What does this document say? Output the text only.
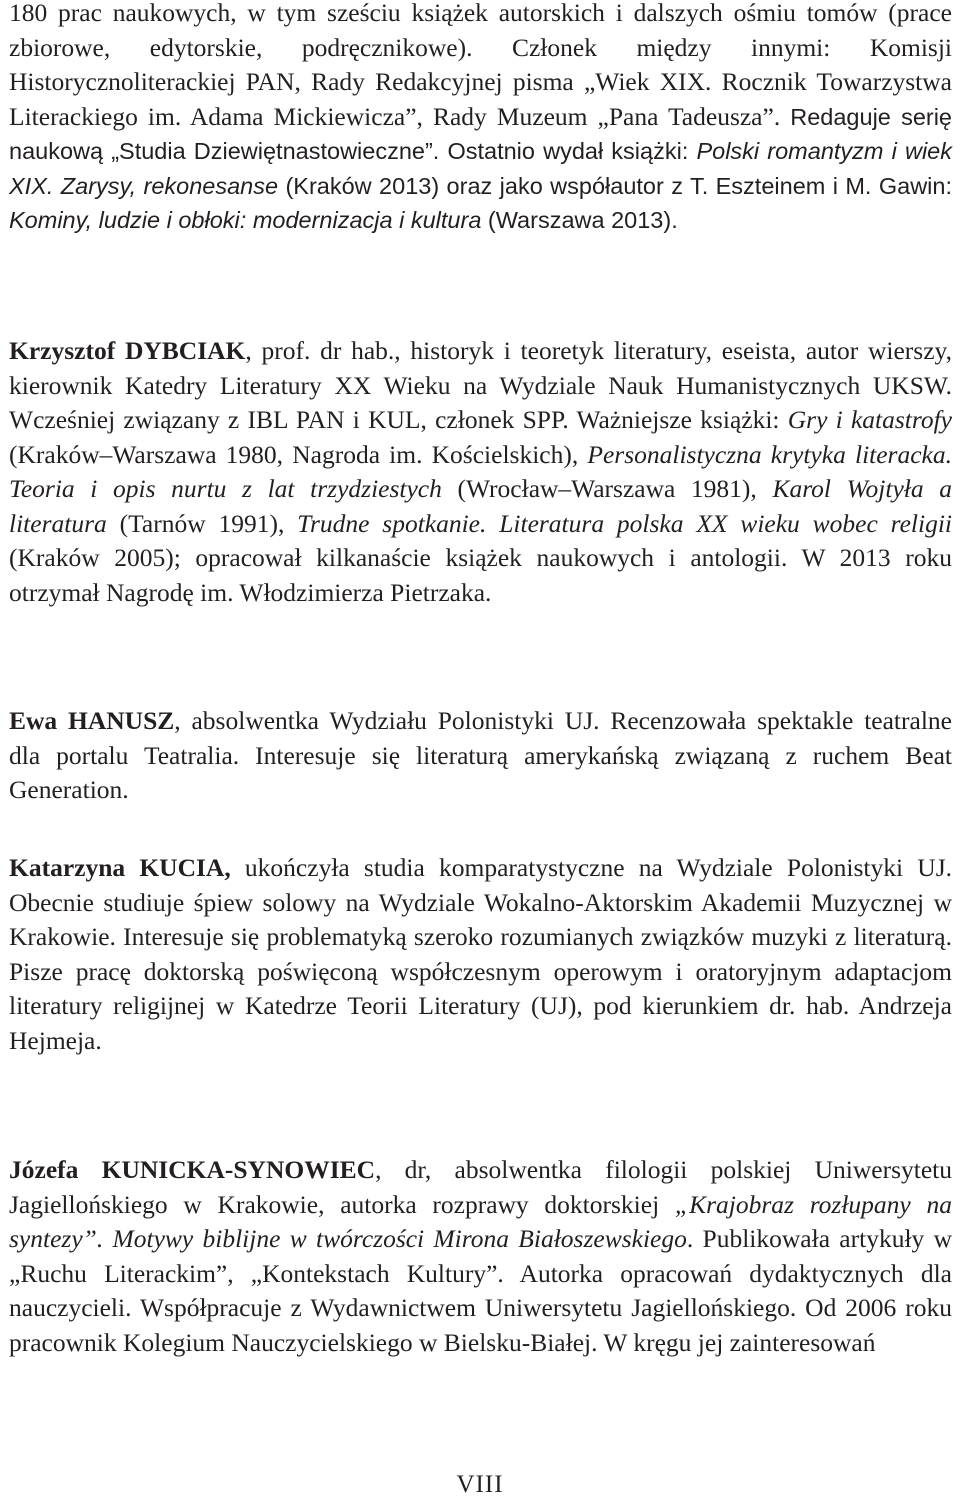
180 prac naukowych, w tym sześciu książek autorskich i dalszych ośmiu tomów (prace zbiorowe, edytorskie, podręcznikowe). Członek między innymi: Komisji Historycznoliterackiej PAN, Rady Redakcyjnej pisma „Wiek XIX. Rocznik Towarzystwa Literackiego im. Adama Mickiewicza”, Rady Muzeum „Pana Tadeusza”. Redaguje serię naukową „Studia Dziewiętnastowieczne”. Ostatnio wydał książki: Polski romantyzm i wiek XIX. Zarysy, rekonesanse (Kraków 2013) oraz jako współautor z T. Eszteinem i M. Gawin: Kominy, ludzie i obłoki: modernizacja i kultura (Warszawa 2013).

Krzysztof DYBCIAK, prof. dr hab., historyk i teoretyk literatury, eseista, autor wierszy, kierownik Katedry Literatury XX Wieku na Wydziale Nauk Humanistycznych UKSW. Wcześniej związany z IBL PAN i KUL, członek SPP. Ważniejsze książki: Gry i katastrofy (Kraków–Warszawa 1980, Nagroda im. Kościelskich), Personalistyczna krytyka literacka. Teoria i opis nurtu z lat trzydziestych (Wrocław–Warszawa 1981), Karol Wojtyła a literatura (Tarnów 1991), Trudne spotkanie. Literatura polska XX wieku wobec religii (Kraków 2005); opracował kilkanaście książek naukowych i antologii. W 2013 roku otrzymał Nagrodę im. Włodzimierza Pietrzaka.

Ewa HANUSZ, absolwentka Wydziału Polonistyki UJ. Recenzowała spektakle teatralne dla portalu Teatralia. Interesuje się literaturą amerykańską związaną z ruchem Beat Generation.

Katarzyna KUCIA, ukończyła studia komparatystyczne na Wydziale Polonistyki UJ. Obecnie studiuje śpiew solowy na Wydziale Wokalno-Aktorskim Akademii Muzycznej w Krakowie. Interesuje się problematyką szeroko rozumianych związków muzyki z literaturą. Pisze pracę doktorską poświęconą współczesnym operowym i oratoryjnym adaptacjom literatury religijnej w Katedrze Teorii Literatury (UJ), pod kierunkiem dr. hab. Andrzeja Hejmeja.

Józefa KUNICKA-SYNOWIEC, dr, absolwentka filologii polskiej Uniwersytetu Jagiellońskiego w Krakowie, autorka rozprawy doktorskiej „Krajobraz rozłupany na syntezy”. Motywy biblijne w twórczości Mirona Białoszewskiego. Publikowała artykuły w „Ruchu Literackim”, „Kontekstach Kultury”. Autorka opracowań dydaktycznych dla nauczycieli. Współpracuje z Wydawnictwem Uniwersytetu Jagiellońskiego. Od 2006 roku pracownik Kolegium Nauczycielskiego w Bielsku-Białej. W kręgu jej zainteresowań

VIII
